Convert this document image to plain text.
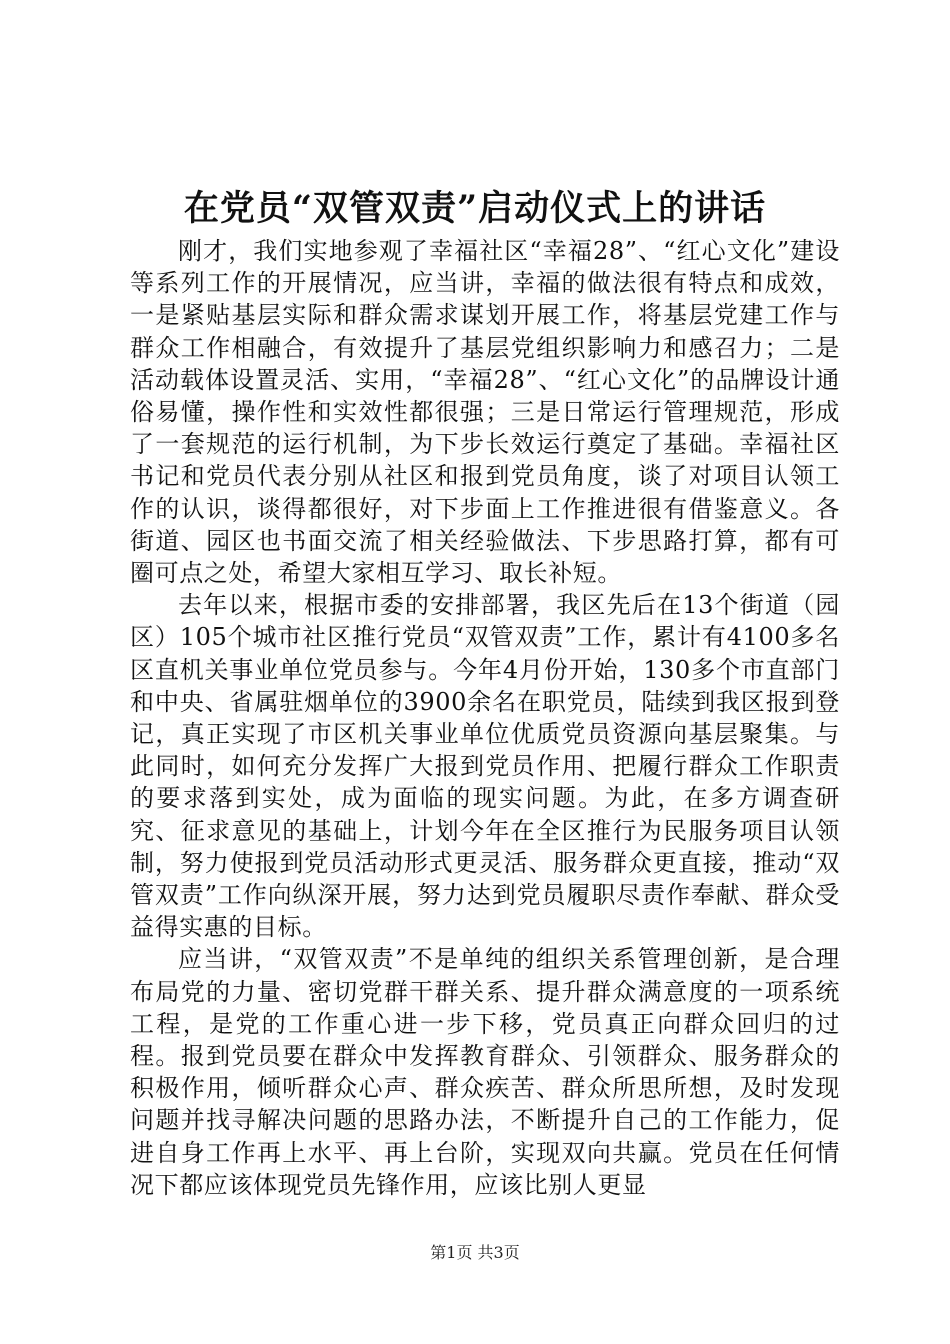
在党员“双管双责”启动仪式上的讲话

刚才，我们实地参观了幸福社区“幸福28”、“红心文化”建设等系列工作的开展情况，应当讲，幸福的做法很有特点和成效，一是紧贴基层实际和群众需求谋划开展工作，将基层党建工作与群众工作相融合，有效提升了基层党组织影响力和感召力；二是活动载体设置灵活、实用，“幸福28”、“红心文化”的品牌设计通俗易懂，操作性和实效性都很强；三是日常运行管理规范，形成了一套规范的运行机制，为下步长效运行奠定了基础。幸福社区书记和党员代表分别从社区和报到党员角度，谈了对项目认领工作的认识，谈得都很好，对下步面上工作推进很有借鉴意义。各街道、园区也书面交流了相关经验做法、下步思路打算，都有可圈可点之处，希望大家相互学习、取长补短。

去年以来，根据市委的安排部署，我区先后在13个街道（园区）105个城市社区推行党员“双管双责”工作，累计有4100多名区直机关事业单位党员参与。今年4月份开始，130多个市直部门和中央、省属驻烟单位的3900余名在职党员，陆续到我区报到登记，真正实现了市区机关事业单位优质党员资源向基层聚集。与此同时，如何充分发挥广大报到党员作用、把履行群众工作职责的要求落到实处，成为面临的现实问题。为此，在多方调查研究、征求意见的基础上，计划今年在全区推行为民服务项目认领制，努力使报到党员活动形式更灵活、服务群众更直接，推动“双管双责”工作向纵深开展，努力达到党员履职尽责作奉献、群众受益得实惠的目标。

应当讲，“双管双责”不是单纯的组织关系管理创新，是合理布局党的力量、密切党群干群关系、提升群众满意度的一项系统工程，是党的工作重心进一步下移，党员真正向群众回归的过程。报到党员要在群众中发挥教育群众、引领群众、服务群众的积极作用，倾听群众心声、群众疾苦、群众所思所想，及时发现问题并找寻解决问题的思路办法，不断提升自己的工作能力，促进自身工作再上水平、再上台阶，实现双向共赢。党员在任何情况下都应该体现党员先锋作用，应该比别人更显

第1页 共3页
